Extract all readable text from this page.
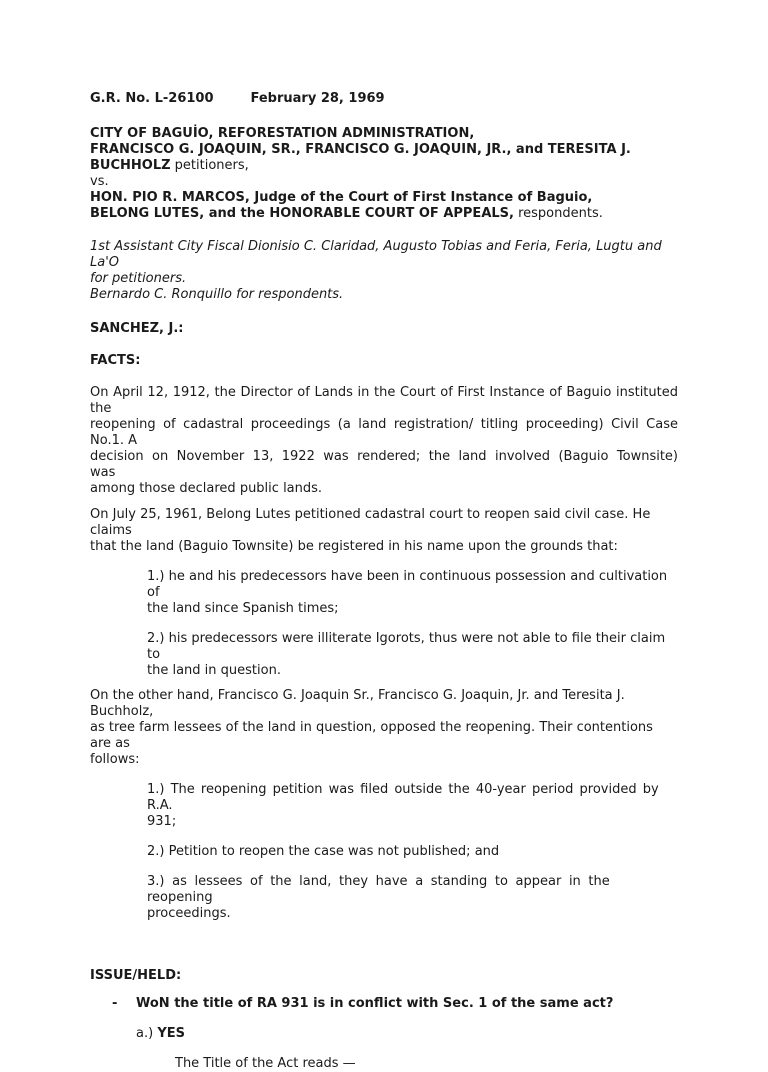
G.R. No. L-26100	February 28, 1969

CITY OF BAGUİO, REFORESTATION ADMINISTRATION,

FRANCISCO G. JOAQUIN, SR., FRANCISCO G. JOAQUIN, JR., and TERESITA J.

BUCHHOLZ petitioners,

vs.

HON. PIO R. MARCOS, Judge of the Court of First Instance of Baguio,

BELONG LUTES, and the HONORABLE COURT OF APPEALS, respondents.

1st Assistant City Fiscal Dionisio C. Claridad, Augusto Tobias and Feria, Feria, Lugtu and La'O

for petitioners.

Bernardo C. Ronquillo for respondents.

SANCHEZ, J.:

FACTS:

On April 12, 1912, the Director of Lands in the Court of First Instance of Baguio instituted the

reopening of cadastral proceedings (a land registration/ titling proceeding) Civil Case No.1. A

decision on November 13, 1922 was rendered; the land involved (Baguio Townsite) was

among those declared public lands.

On July 25, 1961, Belong Lutes petitioned cadastral court to reopen said civil case. He claims

that the land (Baguio Townsite) be registered in his name upon the grounds that:

1.) he and his predecessors have been in continuous possession and cultivation of

the land since Spanish times;

2.) his predecessors were illiterate Igorots, thus were not able to file their claim to

the land in question.

On the other hand, Francisco G. Joaquin Sr., Francisco G. Joaquin, Jr. and Teresita J. Buchholz,

as tree farm lessees of the land in question, opposed the reopening. Their contentions are as

follows:

1.) The reopening petition was filed outside the 40-year period provided by R.A.

931;

2.) Petition to reopen the case was not published; and

3.) as lessees of the land, they have a standing to appear in the reopening

proceedings.

ISSUE/HELD:

- WoN the title of RA 931 is in conflict with Sec. 1 of the same act?

a.) YES

The Title of the Act reads —
